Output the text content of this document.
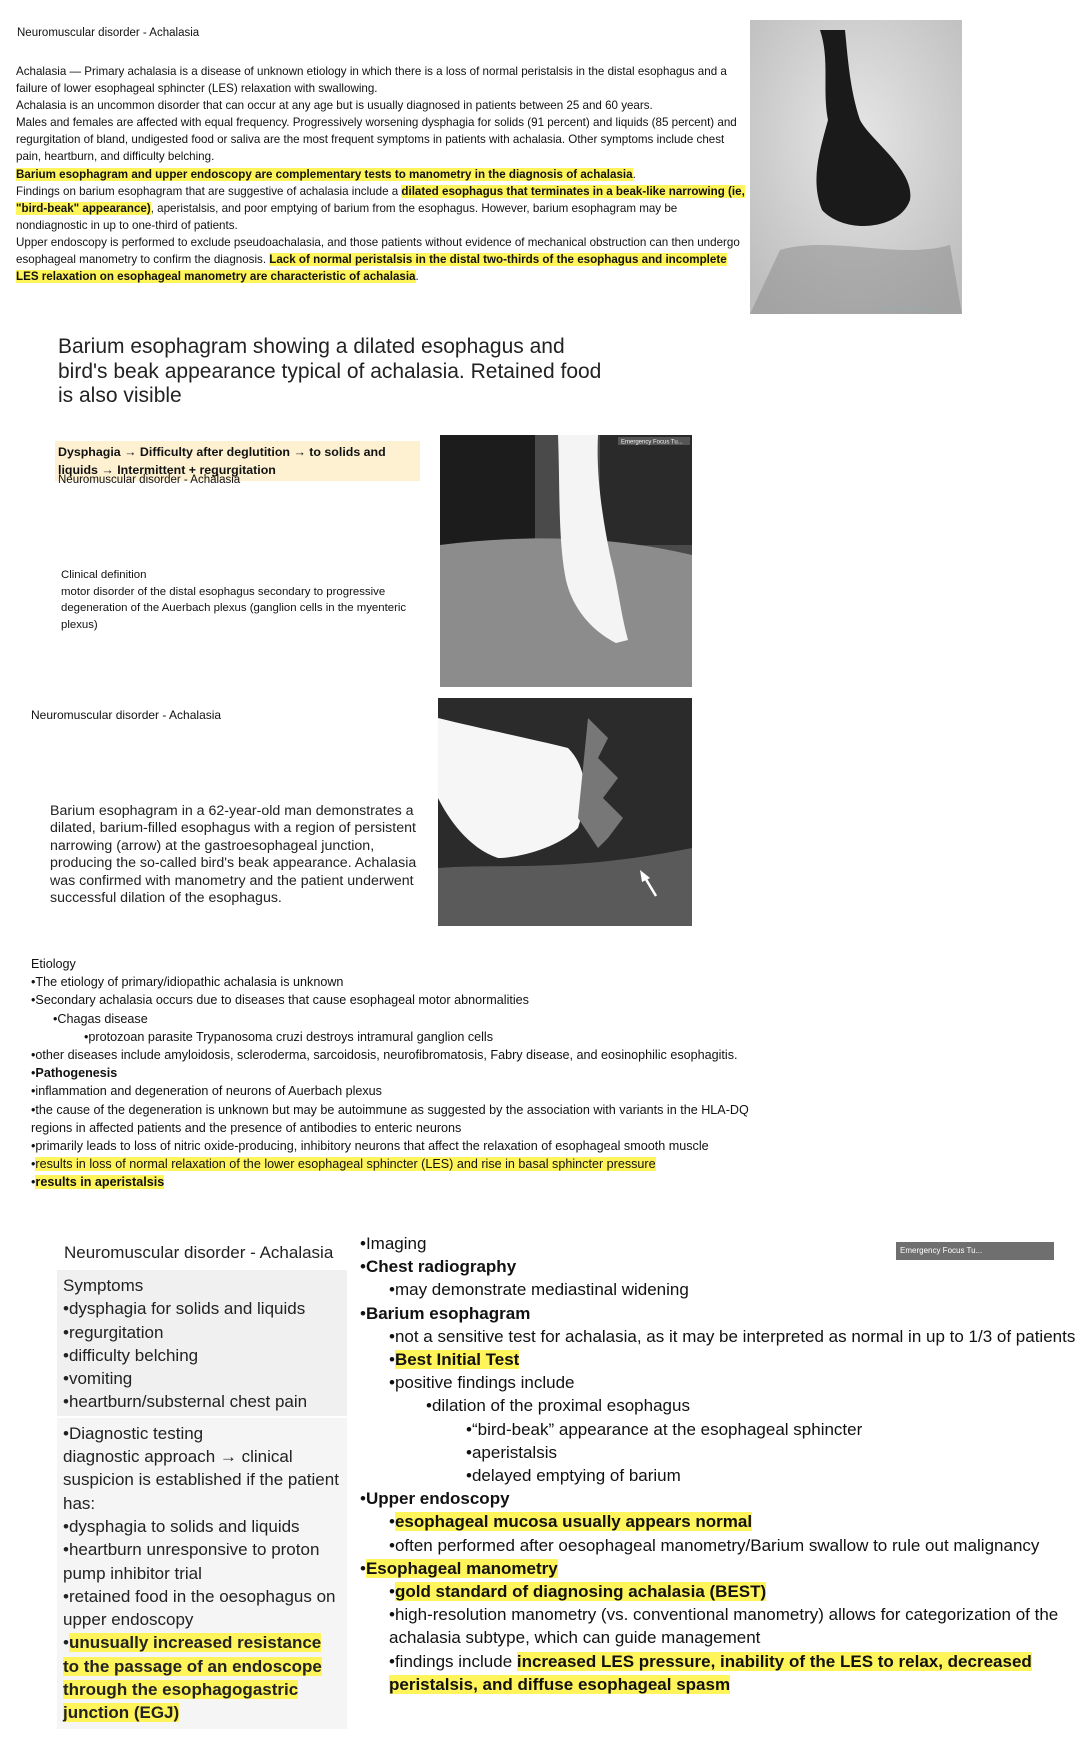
Neuromuscular disorder - Achalasia

Achalasia — Primary achalasia is a disease of unknown etiology in which there is a loss of normal peristalsis in the distal esophagus and a failure of lower esophageal sphincter (LES) relaxation with swallowing.

Achalasia is an uncommon disorder that can occur at any age but is usually diagnosed in patients between 25 and 60 years.

Males and females are affected with equal frequency. Progressively worsening dysphagia for solids (91 percent) and liquids (85 percent) and regurgitation of bland, undigested food or saliva are the most frequent symptoms in patients with achalasia. Other symptoms include chest pain, heartburn, and difficulty belching.

Barium esophagram and upper endoscopy are complementary tests to manometry in the diagnosis of achalasia.

Findings on barium esophagram that are suggestive of achalasia include a dilated esophagus that terminates in a beak-like narrowing (ie, "bird-beak" appearance), aperistalsis, and poor emptying of barium from the esophagus. However, barium esophagram may be nondiagnostic in up to one-third of patients.

Upper endoscopy is performed to exclude pseudoachalasia, and those patients without evidence of mechanical obstruction can then undergo esophageal manometry to confirm the diagnosis. Lack of normal peristalsis in the distal two-thirds of the esophagus and incomplete LES relaxation on esophageal manometry are characteristic of achalasia.

Activate Windows
Barium esophagram showing a dilated esophagus and bird's beak appearance typical of achalasia. Retained food is also visible
Dysphagia → Difficulty after deglutition → to solids and liquids → Intermittent + regurgitation
Neuromuscular disorder - Achalasia

Clinical definition

motor disorder of the distal esophagus secondary to progressive degeneration of the Auerbach plexus (ganglion cells in the myenteric plexus)

Emergency Focus Tu...
Neuromuscular disorder - Achalasia
Barium esophagram in a 62-year-old man demonstrates a dilated, barium-filled esophagus with a region of persistent narrowing (arrow) at the gastroesophageal junction, producing the so-called bird's beak appearance. Achalasia was confirmed with manometry and the patient underwent successful dilation of the esophagus.
Etiology
•The etiology of primary/idiopathic achalasia is unknown
•Secondary achalasia occurs due to diseases that cause esophageal motor abnormalities
•Chagas disease
•protozoan parasite Trypanosoma cruzi destroys intramural ganglion cells
•other diseases include amyloidosis, scleroderma, sarcoidosis, neurofibromatosis, Fabry disease, and eosinophilic esophagitis.
•Pathogenesis
•inflammation and degeneration of neurons of Auerbach plexus
•the cause of the degeneration is unknown but may be autoimmune as suggested by the association with variants in the HLA-DQ regions in affected patients and the presence of antibodies to enteric neurons
•primarily leads to loss of nitric oxide-producing, inhibitory neurons that affect the relaxation of esophageal smooth muscle
•results in loss of normal relaxation of the lower esophageal sphincter (LES) and rise in basal sphincter pressure
•results in aperistalsis
Neuromuscular disorder - Achalasia
Symptoms
•dysphagia for solids and liquids
•regurgitation
•difficulty belching
•vomiting
•heartburn/substernal chest pain
•Diagnostic testing
diagnostic approach → clinical suspicion is established if the patient has:
•dysphagia to solids and liquids
•heartburn unresponsive to proton pump inhibitor trial
•retained food in the oesophagus on upper endoscopy
•unusually increased resistance to the passage of an endoscope through the esophagogastric junction (EGJ)
•Imaging
•Chest radiography
•may demonstrate mediastinal widening
•Barium esophagram
•not a sensitive test for achalasia, as it may be interpreted as normal in up to 1/3 of patients
•Best Initial Test
•positive findings include
•dilation of the proximal esophagus
•“bird-beak” appearance at the esophageal sphincter
•aperistalsis
•delayed emptying of barium
•Upper endoscopy
•esophageal mucosa usually appears normal
•often performed after oesophageal manometry/Barium swallow to rule out malignancy
•Esophageal manometry
•gold standard of diagnosing achalasia (BEST)
•high-resolution manometry (vs. conventional manometry) allows for categorization of the achalasia subtype, which can guide management
•findings include increased LES pressure, inability of the LES to relax, decreased peristalsis, and diffuse esophageal spasm
Emergency Focus Tu...
